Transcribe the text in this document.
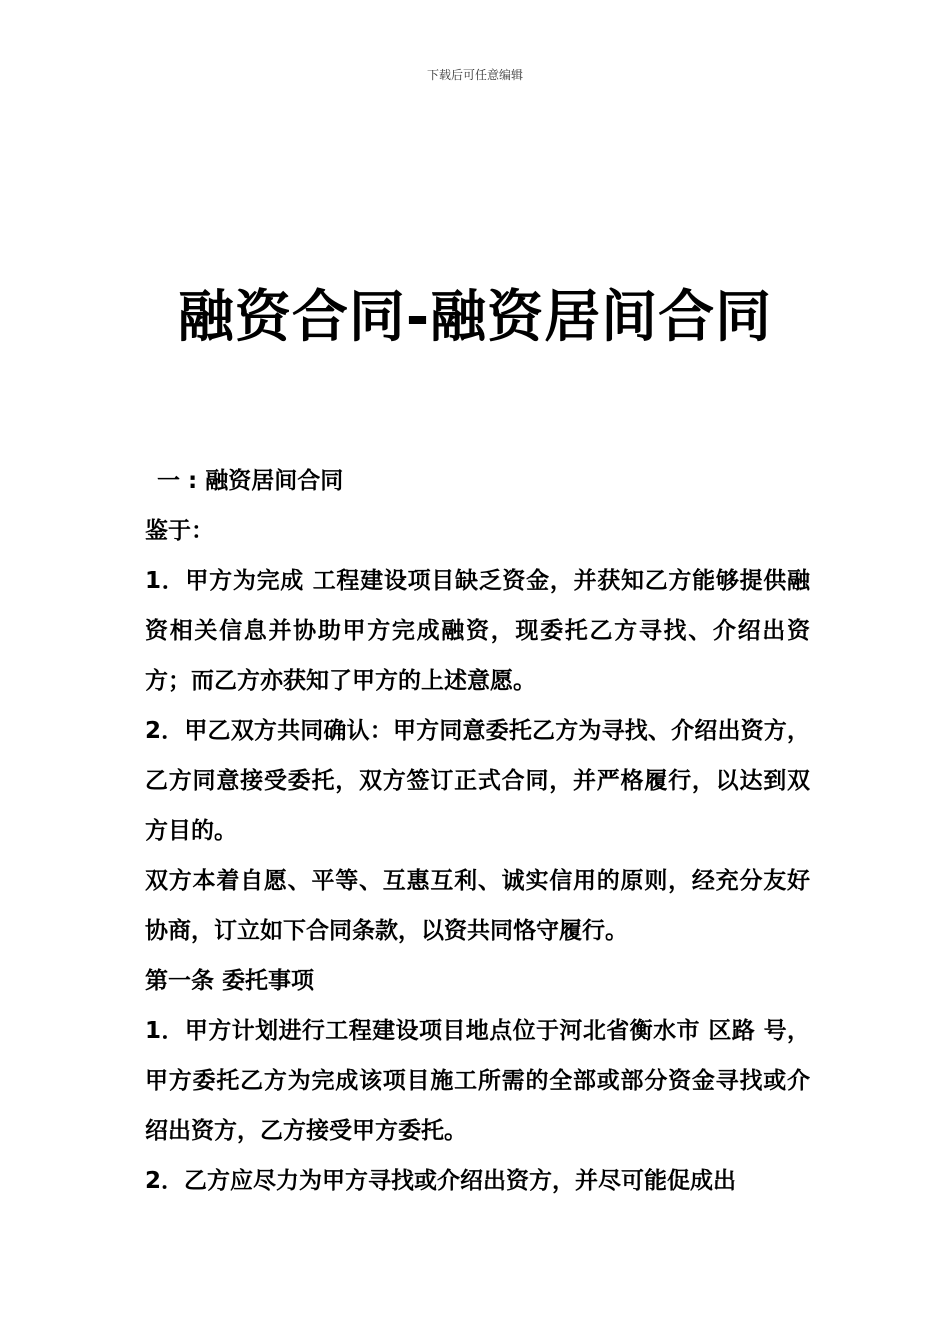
下载后可任意编辑
融资合同-融资居间合同

一 : 融资居间合同

鉴于：

1．甲方为完成 工程建设项目缺乏资金，并获知乙方能够提供融资相关信息并协助甲方完成融资，现委托乙方寻找、介绍出资方；而乙方亦获知了甲方的上述意愿。

2．甲乙双方共同确认：甲方同意委托乙方为寻找、介绍出资方，乙方同意接受委托，双方签订正式合同，并严格履行，以达到双方目的。

双方本着自愿、平等、互惠互利、诚实信用的原则，经充分友好协商，订立如下合同条款，以资共同恪守履行。

第一条 委托事项

1．甲方计划进行工程建设项目地点位于河北省衡水市 区路 号，甲方委托乙方为完成该项目施工所需的全部或部分资金寻找或介绍出资方，乙方接受甲方委托。

2．乙方应尽力为甲方寻找或介绍出资方，并尽可能促成出
